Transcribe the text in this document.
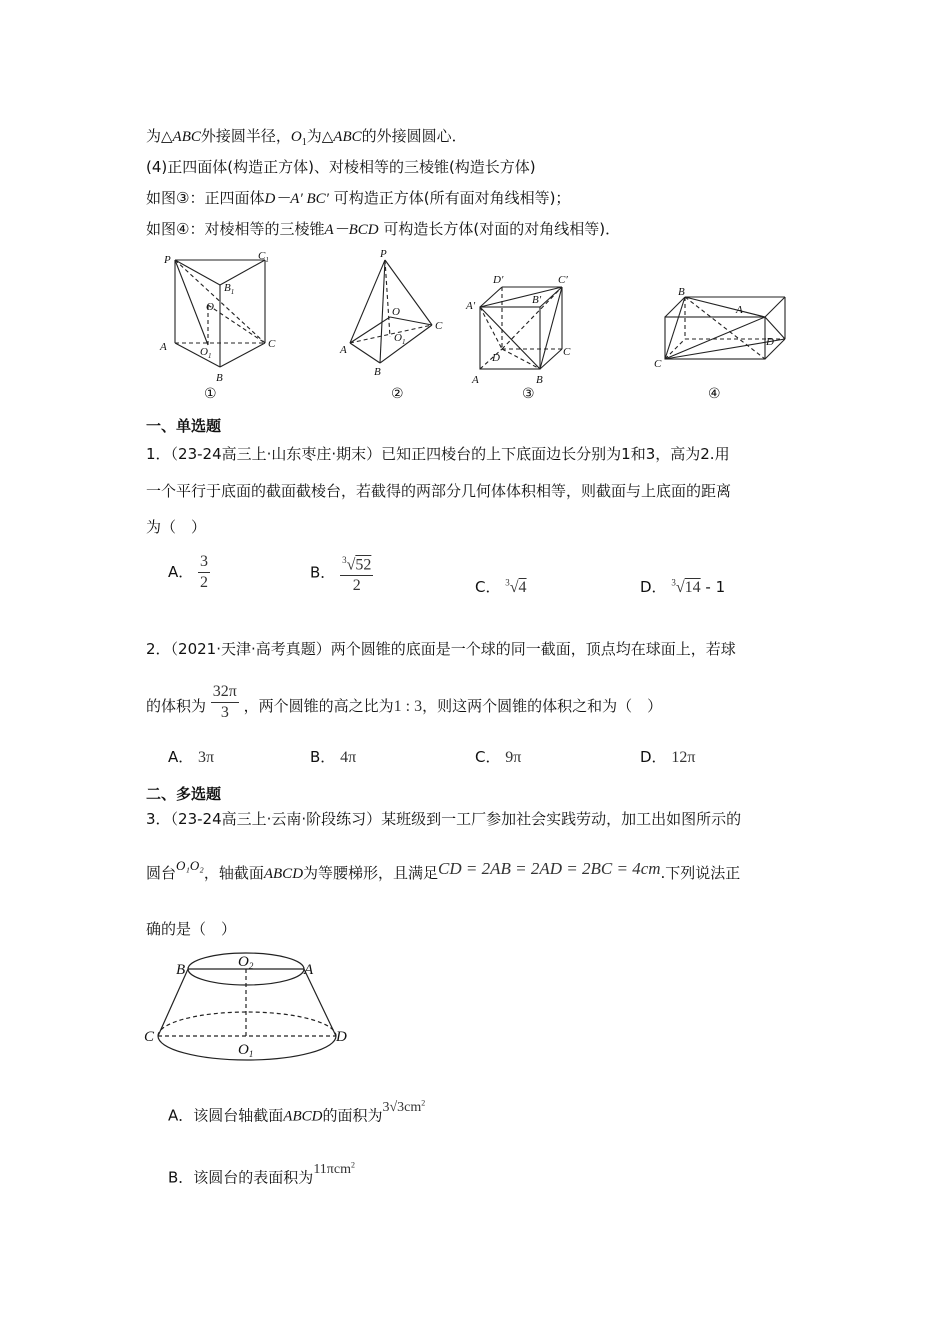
为△ABC外接圆半径，$O_1$为△ABC的外接圆圆心．
(4)正四面体(构造正方体)、对棱相等的三棱锥(构造长方体)
如图③：正四面体D－A′ BC′ 可构造正方体(所有面对角线相等)；
如图④：对棱相等的三棱锥A－BCD 可构造长方体(对面的对角线相等)．
P	$C_1$
$B_1$
O
A	$O_1$
C
B
P
O
A
$O_1$
C
B
D′	C′
A′	B′
D	C
A	B
B
A
D
C
①	②	③	④
一、单选题
1．（23-24高三上·山东枣庄·期末）已知正四棱台的上下底面边长分别为1和3，高为2.用
一个平行于底面的截面截棱台，若截得的两部分几何体体积相等，则截面与上底面的距离
为（　）
A． $\frac{3}{2}$	B． $\frac{^3√52}{2}$	C． $^3$√4	D． $^3$√14 - 1
2．（2021·天津·高考真题）两个圆锥的底面是一个球的同一截面，顶点均在球面上，若球
的体积为 $\frac{32\pi}{3}$ ，两个圆锥的高之比为1 : 3，则这两个圆锥的体积之和为（　）
A． 3π	B． 4π	C． 9π	D． 12π
二、多选题
3．（23-24高三上·云南·阶段练习）某班级到一工厂参加社会实践劳动，加工出如图所示的
圆台O₁O₂，轴截面ABCD为等腰梯形，且满足CD = 2AB = 2AD = 2BC = 4cm.下列说法正
确的是（　）
B	$O_2$	A
C	D
$O_1$
A．该圆台轴截面ABCD的面积为$3√3cm^2$
B．该圆台的表面积为11πcm$^2$
